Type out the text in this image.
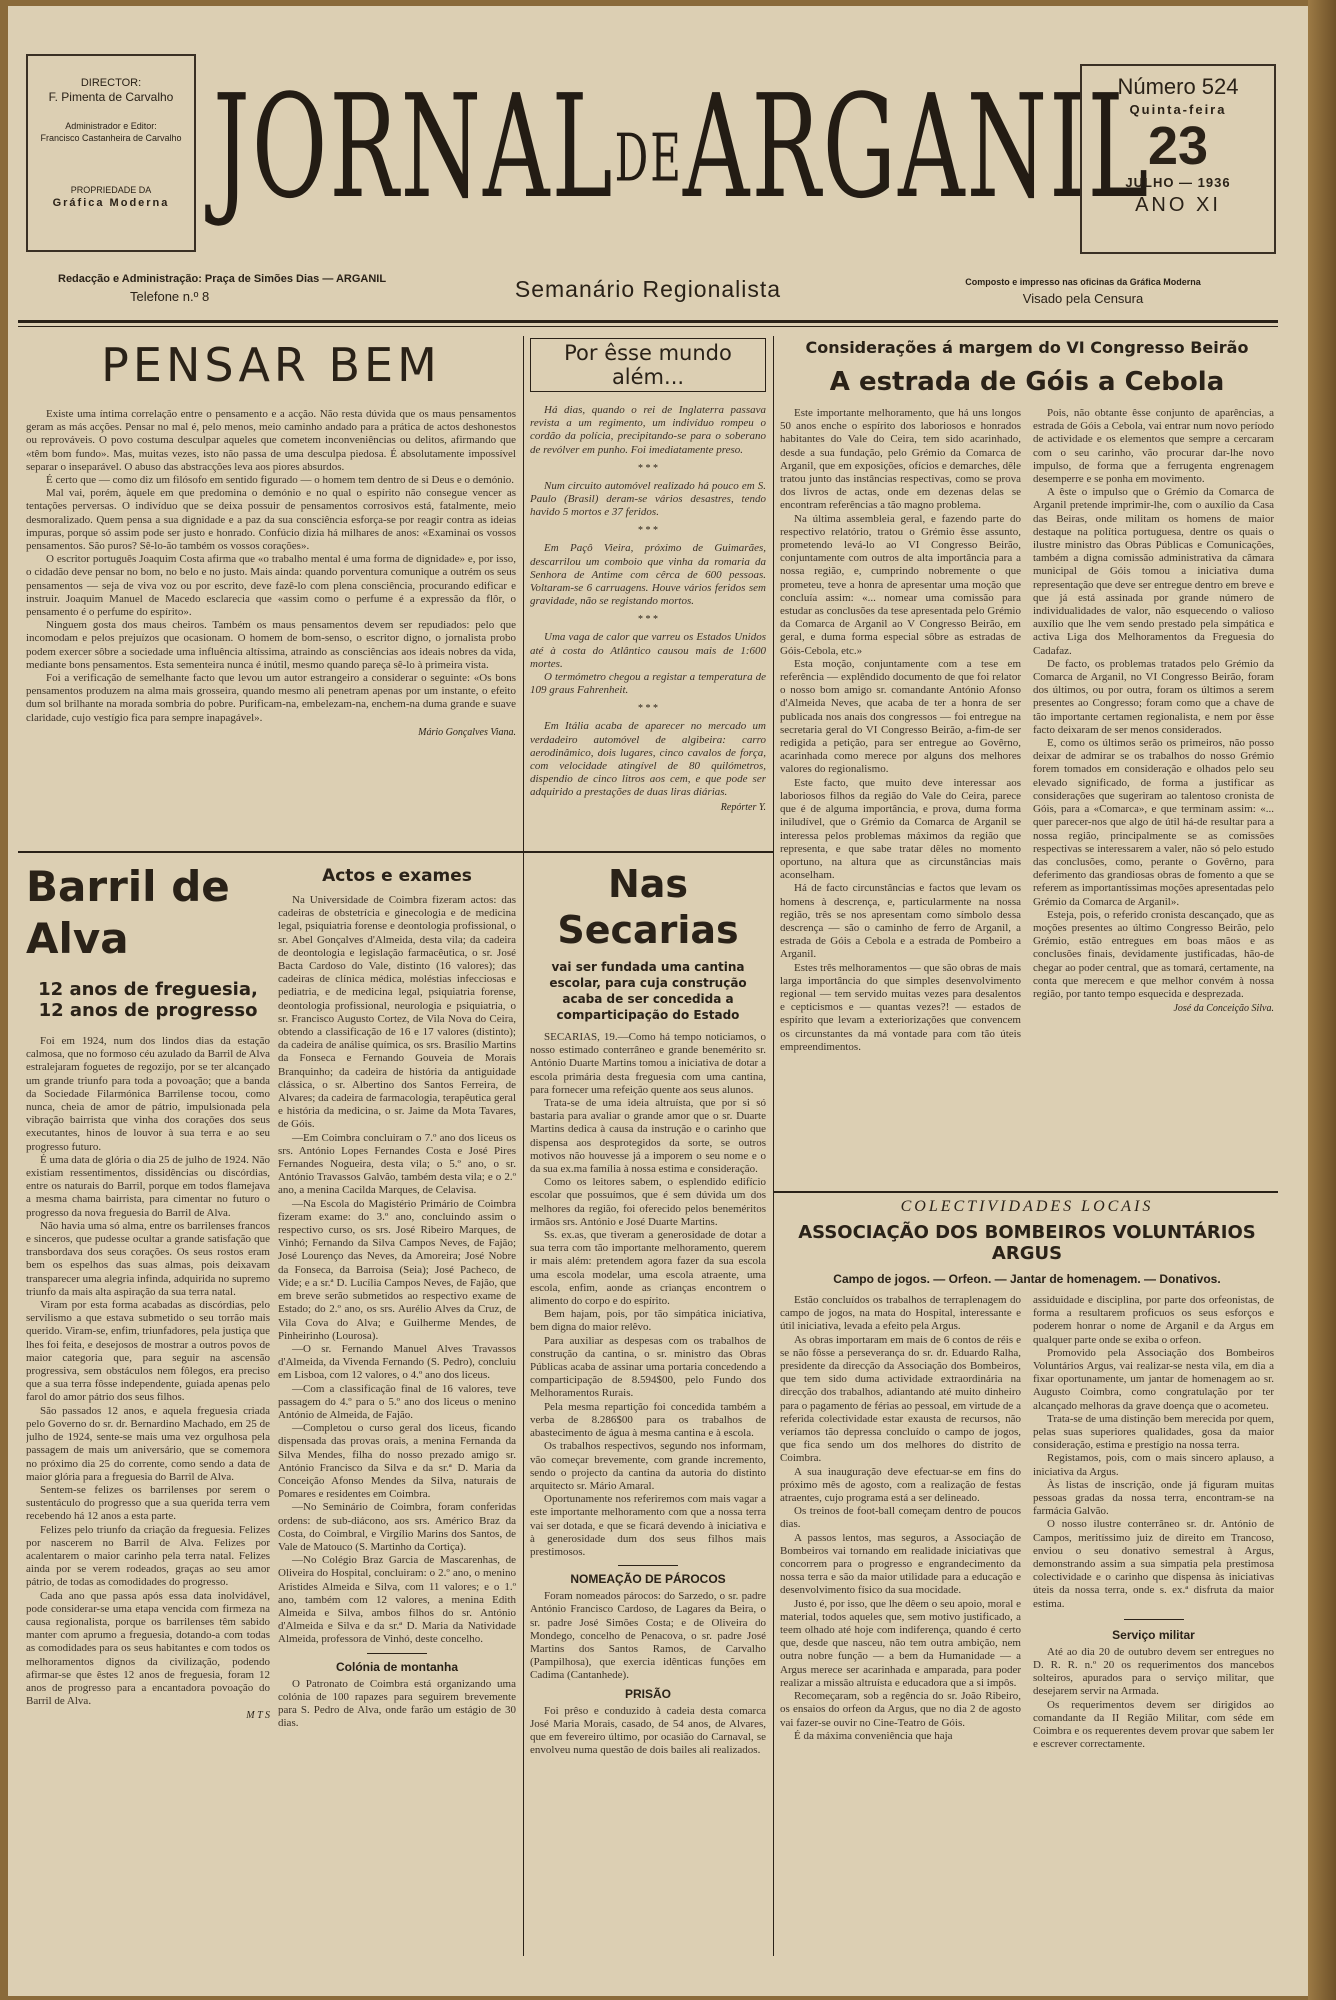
DIRECTOR:
F. Pimenta de Carvalho
Administrador e Editor:
Francisco Castanheira de Carvalho
PROPRIEDADE DA
Gráfica Moderna JORNALDEARGANIL
Número 524
Quinta-feira
23
JULHO — 1936
ANO XI
Redacção e Administração: Praça de Simões Dias — ARGANIL
Telefone n.º 8	Semanário Regionalista	Composto e impresso nas oficinas da Gráfica Moderna
Visado pela Censura
PENSAR BEM

Existe uma íntima correlação entre o pensamento e a acção. Não resta dúvida que os maus pensamentos geram as más acções. Pensar no mal é, pelo menos, meio caminho andado para a prática de actos deshonestos ou reprováveis. O povo costuma desculpar aqueles que cometem inconveniências ou delitos, afirmando que «têm bom fundo». Mas, muitas vezes, isto não passa de uma desculpa piedosa. É absolutamente impossível separar o inseparável. O abuso das abstracções leva aos piores absurdos.

É certo que — como diz um filósofo em sentido figurado — o homem tem dentro de si Deus e o demónio.

Mal vai, porém, àquele em que predomina o demónio e no qual o espírito não consegue vencer as tentações perversas. O indivíduo que se deixa possuir de pensamentos corrosivos está, fatalmente, meio desmoralizado. Quem pensa a sua dignidade e a paz da sua consciência esforça-se por reagir contra as ideias impuras, porque só assim pode ser justo e honrado. Confúcio dizia há milhares de anos: «Examinai os vossos pensamentos. São puros? Sê-lo-ão também os vossos corações».

O escritor português Joaquim Costa afirma que «o trabalho mental é uma forma de dignidade» e, por isso, o cidadão deve pensar no bom, no belo e no justo. Mais ainda: quando porventura comunique a outrém os seus pensamentos — seja de viva voz ou por escrito, deve fazê-lo com plena consciência, procurando edificar e instruir. Joaquim Manuel de Macedo esclarecia que «assim como o perfume é a expressão da flôr, o pensamento é o perfume do espírito».

Ninguem gosta dos maus cheiros. Também os maus pensamentos devem ser repudiados: pelo que incomodam e pelos prejuízos que ocasionam. O homem de bom-senso, o escritor digno, o jornalista probo podem exercer sôbre a sociedade uma influência altíssima, atraindo as consciências aos ideais nobres da vida, mediante bons pensamentos. Esta sementeira nunca é inútil, mesmo quando pareça sê-lo à primeira vista.

Foi a verificação de semelhante facto que levou um autor estrangeiro a considerar o seguinte: «Os bons pensamentos produzem na alma mais grosseira, quando mesmo ali penetram apenas por um instante, o efeito dum sol brilhante na morada sombria do pobre. Purificam-na, embelezam-na, enchem-na duma grande e suave claridade, cujo vestígio fica para sempre inapagável».

Mário Gonçalves Viana.

Por êsse mundo além...

Há dias, quando o rei de Inglaterra passava revista a um regimento, um indivíduo rompeu o cordão da polícia, precipitando-se para o soberano de revólver em punho. Foi imediatamente preso.

* * *

Num circuito automóvel realizado há pouco em S. Paulo (Brasil) deram-se vários desastres, tendo havido 5 mortos e 37 feridos.

* * *

Em Paçô Vieira, próximo de Guimarães, descarrilou um comboio que vinha da romaria da Senhora de Antime com cêrca de 600 pessoas. Voltaram-se 6 carruagens. Houve vários feridos sem gravidade, não se registando mortos.

* * *

Uma vaga de calor que varreu os Estados Unidos até à costa do Atlântico causou mais de 1:600 mortes.

O termómetro chegou a registar a temperatura de 109 graus Fahrenheit.

* * *

Em Itália acaba de aparecer no mercado um verdadeiro automóvel de algibeira: carro aerodinâmico, dois lugares, cinco cavalos de força, com velocidade atingível de 80 quilómetros, dispendio de cinco litros aos cem, e que pode ser adquirido a prestações de duas liras diárias.

Repórter Y.

Considerações á margem do VI Congresso Beirão
A estrada de Góis a Cebola

Este importante melhoramento, que há uns longos 50 anos enche o espírito dos laboriosos e honrados habitantes do Vale do Ceira, tem sido acarinhado, desde a sua fundação, pelo Grémio da Comarca de Arganil, que em exposições, ofícios e demarches, dêle tratou junto das instâncias respectivas, como se prova dos livros de actas, onde em dezenas delas se encontram referências a tão magno problema.

Na última assembleia geral, e fazendo parte do respectivo relatório, tratou o Grémio êsse assunto, prometendo levá-lo ao VI Congresso Beirão, conjuntamente com outros de alta importância para a nossa região, e, cumprindo nobremente o que prometeu, teve a honra de apresentar uma moção que concluía assim: «... nomear uma comissão para estudar as conclusões da tese apresentada pelo Grémio da Comarca de Arganil ao V Congresso Beirão, em geral, e duma forma especial sôbre as estradas de Góis-Cebola, etc.»

Esta moção, conjuntamente com a tese em referência — explêndido documento de que foi relator o nosso bom amigo sr. comandante António Afonso d'Almeida Neves, que acaba de ter a honra de ser publicada nos anais dos congressos — foi entregue na secretaria geral do VI Congresso Beirão, a-fim-de ser redigida a petição, para ser entregue ao Govêrno, acarinhada como merece por alguns dos melhores valores do regionalismo.

Este facto, que muito deve interessar aos laboriosos filhos da região do Vale do Ceira, parece que é de alguma importância, e prova, duma forma iniludível, que o Grémio da Comarca de Arganil se interessa pelos problemas máximos da região que representa, e que sabe tratar dêles no momento oportuno, na altura que as circunstâncias mais aconselham.

Há de facto circunstâncias e factos que levam os homens à descrença, e, particularmente na nossa região, três se nos apresentam como símbolo dessa descrença — são o caminho de ferro de Arganil, a estrada de Góis a Cebola e a estrada de Pombeiro a Arganil.

Estes três melhoramentos — que são obras de mais larga importância do que simples desenvolvimento regional — tem servido muitas vezes para desalentos e cepticismos e — quantas vezes?! — estados de espírito que levam a exteriorizações que convencem os circunstantes da má vontade para com tão úteis empreendimentos.

Pois, não obtante êsse conjunto de aparências, a estrada de Góis a Cebola, vai entrar num novo período de actividade e os elementos que sempre a cercaram com o seu carinho, vão procurar dar-lhe novo impulso, de forma que a ferrugenta engrenagem desemperre e se ponha em movimento.

A êste o impulso que o Grémio da Comarca de Arganil pretende imprimir-lhe, com o auxílio da Casa das Beiras, onde militam os homens de maior destaque na política portuguesa, dentre os quais o ilustre ministro das Obras Públicas e Comunicações, também a digna comissão administrativa da câmara municipal de Góis tomou a iniciativa duma representação que deve ser entregue dentro em breve e que já está assinada por grande número de individualidades de valor, não esquecendo o valioso auxílio que lhe vem sendo prestado pela simpática e activa Liga dos Melhoramentos da Freguesia do Cadafaz.

De facto, os problemas tratados pelo Grémio da Comarca de Arganil, no VI Congresso Beirão, foram dos últimos, ou por outra, foram os últimos a serem presentes ao Congresso; foram como que a chave de tão importante certamen regionalista, e nem por êsse facto deixaram de ser menos considerados.

E, como os últimos serão os primeiros, não posso deixar de admirar se os trabalhos do nosso Grémio forem tomados em consideração e olhados pelo seu elevado significado, de forma a justificar as considerações que sugeriram ao talentoso cronista de Góis, para a «Comarca», e que terminam assim: «... quer parecer-nos que algo de útil há-de resultar para a nossa região, principalmente se as comissões respectivas se interessarem a valer, não só pelo estudo das conclusões, como, perante o Govêrno, para deferimento das grandiosas obras de fomento a que se referem as importantíssimas moções apresentadas pelo Grémio da Comarca de Arganil».

Esteja, pois, o referido cronista descançado, que as moções presentes ao último Congresso Beirão, pelo Grémio, estão entregues em boas mãos e as conclusões finais, devidamente justificadas, hão-de chegar ao poder central, que as tomará, certamente, na conta que merecem e que melhor convém à nossa região, por tanto tempo esquecida e desprezada.

José da Conceição Silva.

Barril de Alva
12 anos de freguesia,
12 anos de progresso

Foi em 1924, num dos lindos dias da estação calmosa, que no formoso céu azulado da Barril de Alva estralejaram foguetes de regozijo, por se ter alcançado um grande triunfo para toda a povoação; que a banda da Sociedade Filarmónica Barrilense tocou, como nunca, cheia de amor de pátrio, impulsionada pela vibração bairrista que vinha dos corações dos seus executantes, hinos de louvor à sua terra e ao seu progresso futuro.

É uma data de glória o dia 25 de julho de 1924. Não existiam ressentimentos, dissidências ou discórdias, entre os naturais do Barril, porque em todos flamejava a mesma chama bairrista, para cimentar no futuro o progresso da nova freguesia do Barril de Alva.

Não havia uma só alma, entre os barrilenses francos e sinceros, que pudesse ocultar a grande satisfação que transbordava dos seus corações. Os seus rostos eram bem os espelhos das suas almas, pois deixavam transparecer uma alegria infinda, adquirida no supremo triunfo da mais alta aspiração da sua terra natal.

Viram por esta forma acabadas as discórdias, pelo servilismo a que estava submetido o seu torrão mais querido. Viram-se, enfim, triunfadores, pela justiça que lhes foi feita, e desejosos de mostrar a outros povos de maior categoria que, para seguir na ascensão progressiva, sem obstáculos nem fôlegos, era preciso que a sua terra fôsse independente, guiada apenas pelo farol do amor pátrio dos seus filhos.

São passados 12 anos, e aquela freguesia criada pelo Governo do sr. dr. Bernardino Machado, em 25 de julho de 1924, sente-se mais uma vez orgulhosa pela passagem de mais um aniversário, que se comemora no próximo dia 25 do corrente, como sendo a data de maior glória para a freguesia do Barril de Alva.

Sentem-se felizes os barrilenses por serem o sustentáculo do progresso que a sua querida terra vem recebendo há 12 anos a esta parte.

Felizes pelo triunfo da criação da freguesia. Felizes por nascerem no Barril de Alva. Felizes por acalentarem o maior carinho pela terra natal. Felizes ainda por se verem rodeados, graças ao seu amor pátrio, de todas as comodidades do progresso.

Cada ano que passa após essa data inolvidável, pode considerar-se uma etapa vencida com firmeza na causa regionalista, porque os barrilenses têm sabido manter com aprumo a freguesia, dotando-a com todas as comodidades para os seus habitantes e com todos os melhoramentos dignos da civilização, podendo afirmar-se que êstes 12 anos de freguesia, foram 12 anos de progresso para a encantadora povoação do Barril de Alva.

M T S

Actos e exames

Na Universidade de Coimbra fizeram actos: das cadeiras de obstetrícia e ginecologia e de medicina legal, psiquiatria forense e deontologia profissional, o sr. Abel Gonçalves d'Almeida, desta vila; da cadeira de deontologia e legislação farmacêutica, o sr. José Bacta Cardoso do Vale, distinto (16 valores); das cadeiras de clínica médica, moléstias infecciosas e pediatria, e de medicina legal, psiquiatria forense, deontologia profissional, neurologia e psiquiatria, o sr. Francisco Augusto Cortez, de Vila Nova do Ceira, obtendo a classificação de 16 e 17 valores (distinto); da cadeira de análise química, os srs. Brasílio Martins da Fonseca e Fernando Gouveia de Morais Branquinho; da cadeira de história da antiguidade clássica, o sr. Albertino dos Santos Ferreira, de Alvares; da cadeira de farmacologia, terapêutica geral e história da medicina, o sr. Jaime da Mota Tavares, de Góis.

—Em Coimbra concluiram o 7.º ano dos liceus os srs. António Lopes Fernandes Costa e José Pires Fernandes Nogueira, desta vila; o 5.º ano, o sr. António Travassos Galvão, também desta vila; e o 2.º ano, a menina Cacilda Marques, de Celavisa.

—Na Escola do Magistério Primário de Coimbra fizeram exame: do 3.º ano, concluindo assim o respectivo curso, os srs. José Ribeiro Marques, de Vinhó; Fernando da Silva Campos Neves, de Fajão; José Lourenço das Neves, da Amoreira; José Nobre da Fonseca, da Barroisa (Seia); José Pacheco, de Vide; e a sr.ª D. Lucília Campos Neves, de Fajão, que em breve serão submetidos ao respectivo exame de Estado; do 2.º ano, os srs. Aurélio Alves da Cruz, de Vila Cova do Alva; e Guilherme Mendes, de Pinheirinho (Lourosa).

—O sr. Fernando Manuel Alves Travassos d'Almeida, da Vivenda Fernando (S. Pedro), concluiu em Lisboa, com 12 valores, o 4.º ano dos liceus.

—Com a classificação final de 16 valores, teve passagem do 4.º para o 5.º ano dos liceus o menino António de Almeida, de Fajão.

—Completou o curso geral dos liceus, ficando dispensada das provas orais, a menina Fernanda da Silva Mendes, filha do nosso prezado amigo sr. António Francisco da Silva e da sr.ª D. Maria da Conceição Afonso Mendes da Silva, naturais de Pomares e residentes em Coimbra.

—No Seminário de Coimbra, foram conferidas ordens: de sub-diácono, aos srs. Américo Braz da Costa, do Coimbral, e Virgílio Marins dos Santos, de Vale de Matouco (S. Martinho da Cortiça).

—No Colégio Braz Garcia de Mascarenhas, de Oliveira do Hospital, concluiram: o 2.º ano, o menino Aristides Almeida e Silva, com 11 valores; e o 1.º ano, também com 12 valores, a menina Edith Almeida e Silva, ambos filhos do sr. António d'Almeida e Silva e da sr.ª D. Maria da Natividade Almeida, professora de Vinhó, deste concelho.

Colónia de montanha

O Patronato de Coimbra está organizando uma colónia de 100 rapazes para seguirem brevemente para S. Pedro de Alva, onde farão um estágio de 30 dias.

Nas Secarias
vai ser fundada uma cantina escolar, para cuja construção acaba de ser concedida a comparticipação do Estado

SECARIAS, 19.—Como há tempo noticiamos, o nosso estimado conterrâneo e grande benemérito sr. António Duarte Martins tomou a iniciativa de dotar a escola primária desta freguesia com uma cantina, para fornecer uma refeição quente aos seus alunos.

Trata-se de uma ideia altruísta, que por si só bastaria para avaliar o grande amor que o sr. Duarte Martins dedica à causa da instrução e o carinho que dispensa aos desprotegidos da sorte, se outros motivos não houvesse já a imporem o seu nome e o da sua ex.ma família à nossa estima e consideração.

Como os leitores sabem, o esplendido edifício escolar que possuímos, que é sem dúvida um dos melhores da região, foi oferecido pelos beneméritos irmãos srs. António e José Duarte Martins.

Ss. ex.as, que tiveram a generosidade de dotar a sua terra com tão importante melhoramento, querem ir mais além: pretendem agora fazer da sua escola uma escola modelar, uma escola atraente, uma escola, enfim, aonde as crianças encontrem o alimento do corpo e do espírito.

Bem hajam, pois, por tão simpática iniciativa, bem digna do maior relêvo.

Para auxiliar as despesas com os trabalhos de construção da cantina, o sr. ministro das Obras Públicas acaba de assinar uma portaria concedendo a comparticipação de 8.594$00, pelo Fundo dos Melhoramentos Rurais.

Pela mesma repartição foi concedida também a verba de 8.286$00 para os trabalhos de abastecimento de água à mesma cantina e à escola.

Os trabalhos respectivos, segundo nos informam, vão começar brevemente, com grande incremento, sendo o projecto da cantina da autoria do distinto arquitecto sr. Mário Amaral.

Oportunamente nos referiremos com mais vagar a este importante melhoramento com que a nossa terra vai ser dotada, e que se ficará devendo à iniciativa e à generosidade dum dos seus filhos mais prestimosos.

NOMEAÇÃO DE PÁROCOS

Foram nomeados párocos: do Sarzedo, o sr. padre António Francisco Cardoso, de Lagares da Beira, o sr. padre José Simões Costa; e de Oliveira do Mondego, concelho de Penacova, o sr. padre José Martins dos Santos Ramos, de Carvalho (Pampilhosa), que exercia idênticas funções em Cadima (Cantanhede).

PRISÃO

Foi prêso e conduzido à cadeia desta comarca José Maria Morais, casado, de 54 anos, de Alvares, que em fevereiro último, por ocasião do Carnaval, se envolveu numa questão de dois bailes ali realizados.

COLECTIVIDADES LOCAIS
ASSOCIAÇÃO DOS BOMBEIROS VOLUNTÁRIOS ARGUS
Campo de jogos. — Orfeon. — Jantar de homenagem. — Donativos.

Estão concluídos os trabalhos de terraplenagem do campo de jogos, na mata do Hospital, interessante e útil iniciativa, levada a efeito pela Argus.

As obras importaram em mais de 6 contos de réis e se não fôsse a perseverança do sr. dr. Eduardo Ralha, presidente da direcção da Associação dos Bombeiros, que tem sido duma actividade extraordinária na direcção dos trabalhos, adiantando até muito dinheiro para o pagamento de férias ao pessoal, em virtude de a referida colectividade estar exausta de recursos, não veríamos tão depressa concluído o campo de jogos, que fica sendo um dos melhores do distrito de Coimbra.

A sua inauguração deve efectuar-se em fins do próximo mês de agosto, com a realização de festas atraentes, cujo programa está a ser delineado.

Os treinos de foot-ball começam dentro de poucos dias.

A passos lentos, mas seguros, a Associação de Bombeiros vai tornando em realidade iniciativas que concorrem para o progresso e engrandecimento da nossa terra e são da maior utilidade para a educação e desenvolvimento físico da sua mocidade.

Justo é, por isso, que lhe dêem o seu apoio, moral e material, todos aqueles que, sem motivo justificado, a teem olhado até hoje com indiferença, quando é certo que, desde que nasceu, não tem outra ambição, nem outra nobre função — a bem da Humanidade — a Argus merece ser acarinhada e amparada, para poder realizar a missão altruísta e educadora que a si impôs.

Recomeçaram, sob a regência do sr. João Ribeiro, os ensaios do orfeon da Argus, que no dia 2 de agosto vai fazer-se ouvir no Cine-Teatro de Góis.

É da máxima conveniência que haja

assiduidade e disciplina, por parte dos orfeonistas, de forma a resultarem proficuos os seus esforços e poderem honrar o nome de Arganil e da Argus em qualquer parte onde se exiba o orfeon.

Promovido pela Associação dos Bombeiros Voluntários Argus, vai realizar-se nesta vila, em dia a fixar oportunamente, um jantar de homenagem ao sr. Augusto Coimbra, como congratulação por ter alcançado melhoras da grave doença que o acometeu.

Trata-se de uma distinção bem merecida por quem, pelas suas superiores qualidades, gosa da maior consideração, estima e prestígio na nossa terra.

Registamos, pois, com o mais sincero aplauso, a iniciativa da Argus.

Às listas de inscrição, onde já figuram muitas pessoas gradas da nossa terra, encontram-se na farmácia Galvão.

O nosso ilustre conterrâneo sr. dr. António de Campos, meritíssimo juiz de direito em Trancoso, enviou o seu donativo semestral à Argus, demonstrando assim a sua simpatia pela prestimosa colectividade e o carinho que dispensa às iniciativas úteis da nossa terra, onde s. ex.ª disfruta da maior estima.

Serviço militar

Até ao dia 20 de outubro devem ser entregues no D. R. R. n.º 20 os requerimentos dos mancebos solteiros, apurados para o serviço militar, que desejarem servir na Armada.

Os requerimentos devem ser dirigidos ao comandante da II Região Militar, com séde em Coimbra e os requerentes devem provar que sabem ler e escrever correctamente.
